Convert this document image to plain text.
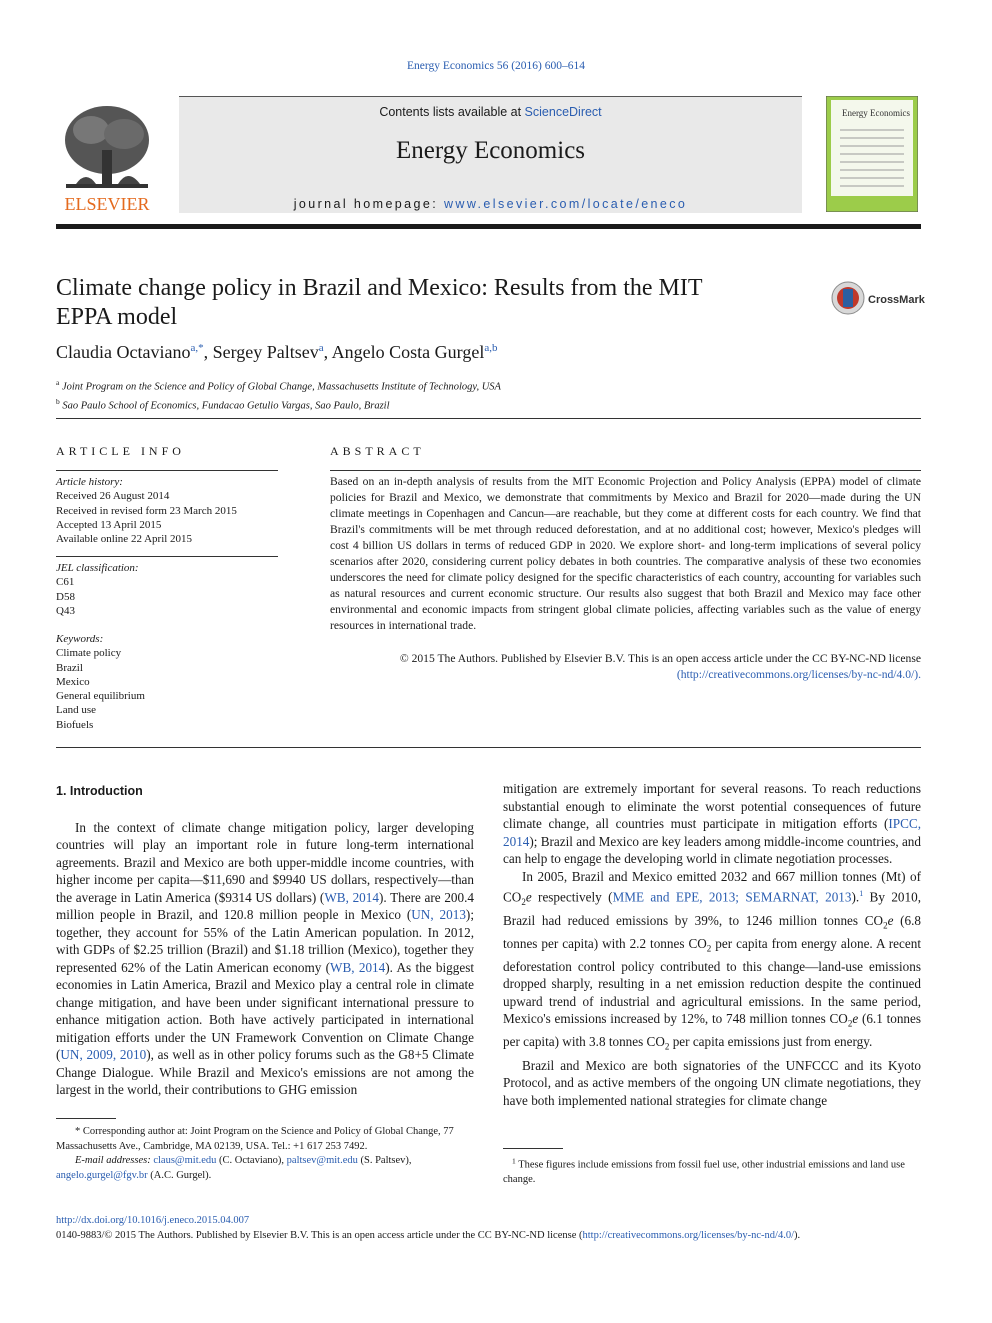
Energy Economics 56 (2016) 600–614
ELSEVIER
Contents lists available at ScienceDirect
Energy Economics
journal homepage: www.elsevier.com/locate/eneco
Energy Economics
Climate change policy in Brazil and Mexico: Results from the MIT EPPA model
CrossMark
Claudia Octaviano$^{a,*}$, Sergey Paltsev$^a$, Angelo Costa Gurgel$^{a,b}$
$^a$ Joint Program on the Science and Policy of Global Change, Massachusetts Institute of Technology, USA
$^b$ Sao Paulo School of Economics, Fundacao Getulio Vargas, Sao Paulo, Brazil
ARTICLE INFO
Article history:
Received 26 August 2014
Received in revised form 23 March 2015
Accepted 13 April 2015
Available online 22 April 2015
JEL classification:
C61
D58
Q43
Keywords:
Climate policy
Brazil
Mexico
General equilibrium
Land use
Biofuels
ABSTRACT
Based on an in-depth analysis of results from the MIT Economic Projection and Policy Analysis (EPPA) model of climate policies for Brazil and Mexico, we demonstrate that commitments by Mexico and Brazil for 2020—made during the UN climate meetings in Copenhagen and Cancun—are reachable, but they come at different costs for each country. We find that Brazil's commitments will be met through reduced deforestation, and at no additional cost; however, Mexico's pledges will cost 4 billion US dollars in terms of reduced GDP in 2020. We explore short- and long-term implications of several policy scenarios after 2020, considering current policy debates in both countries. The comparative analysis of these two economies underscores the need for climate policy designed for the specific characteristics of each country, accounting for variables such as natural resources and current economic structure. Our results also suggest that both Brazil and Mexico may face other environmental and economic impacts from stringent global climate policies, affecting variables such as the value of energy resources in international trade.
© 2015 The Authors. Published by Elsevier B.V. This is an open access article under the CC BY-NC-ND license
(http://creativecommons.org/licenses/by-nc-nd/4.0/).

1. Introduction

In the context of climate change mitigation policy, larger developing countries will play an important role in future long-term international agreements. Brazil and Mexico are both upper-middle income countries, with higher income per capita—$11,690 and $9940 US dollars, respectively—than the average in Latin America ($9314 US dollars) (WB, 2014). There are 200.4 million people in Brazil, and 120.8 million people in Mexico (UN, 2013); together, they account for 55% of the Latin American population. In 2012, with GDPs of $2.25 trillion (Brazil) and $1.18 trillion (Mexico), together they represented 62% of the Latin American economy (WB, 2014). As the biggest economies in Latin America, Brazil and Mexico play a central role in climate change mitigation, and have been under significant international pressure to enhance mitigation action. Both have actively participated in international mitigation efforts under the UN Framework Convention on Climate Change (UN, 2009, 2010), as well as in other policy forums such as the G8+5 Climate Change Dialogue. While Brazil and Mexico's emissions are not among the largest in the world, their contributions to GHG emission

mitigation are extremely important for several reasons. To reach reductions substantial enough to eliminate the worst potential consequences of future climate change, all countries must participate in mitigation efforts (IPCC, 2014); Brazil and Mexico are key leaders among middle-income countries, and can help to engage the developing world in climate negotiation processes.

In 2005, Brazil and Mexico emitted 2032 and 667 million tonnes (Mt) of $CO_2e$ respectively (MME and EPE, 2013; SEMARNAT, 2013).$^1$ By 2010, Brazil had reduced emissions by 39%, to 1246 million tonnes $CO_2e$ (6.8 tonnes per capita) with 2.2 tonnes $CO_2$ per capita from energy alone. A recent deforestation control policy contributed to this change—land-use emissions dropped sharply, resulting in a net emission reduction despite the continued upward trend of industrial and agricultural emissions. In the same period, Mexico's emissions increased by 12%, to 748 million tonnes $CO_2e$ (6.1 tonnes per capita) with 3.8 tonnes $CO_2$ per capita emissions just from energy.

Brazil and Mexico are both signatories of the UNFCCC and its Kyoto Protocol, and as active members of the ongoing UN climate negotiations, they have both implemented national strategies for climate change

* Corresponding author at: Joint Program on the Science and Policy of Global Change, 77 Massachusetts Ave., Cambridge, MA 02139, USA. Tel.: +1 617 253 7492.
E-mail addresses: claus@mit.edu (C. Octaviano), paltsev@mit.edu (S. Paltsev),
angelo.gurgel@fgv.br (A.C. Gurgel).
$^1$ These figures include emissions from fossil fuel use, other industrial emissions and land use change.
http://dx.doi.org/10.1016/j.eneco.2015.04.007
0140-9883/© 2015 The Authors. Published by Elsevier B.V. This is an open access article under the CC BY-NC-ND license (http://creativecommons.org/licenses/by-nc-nd/4.0/).
